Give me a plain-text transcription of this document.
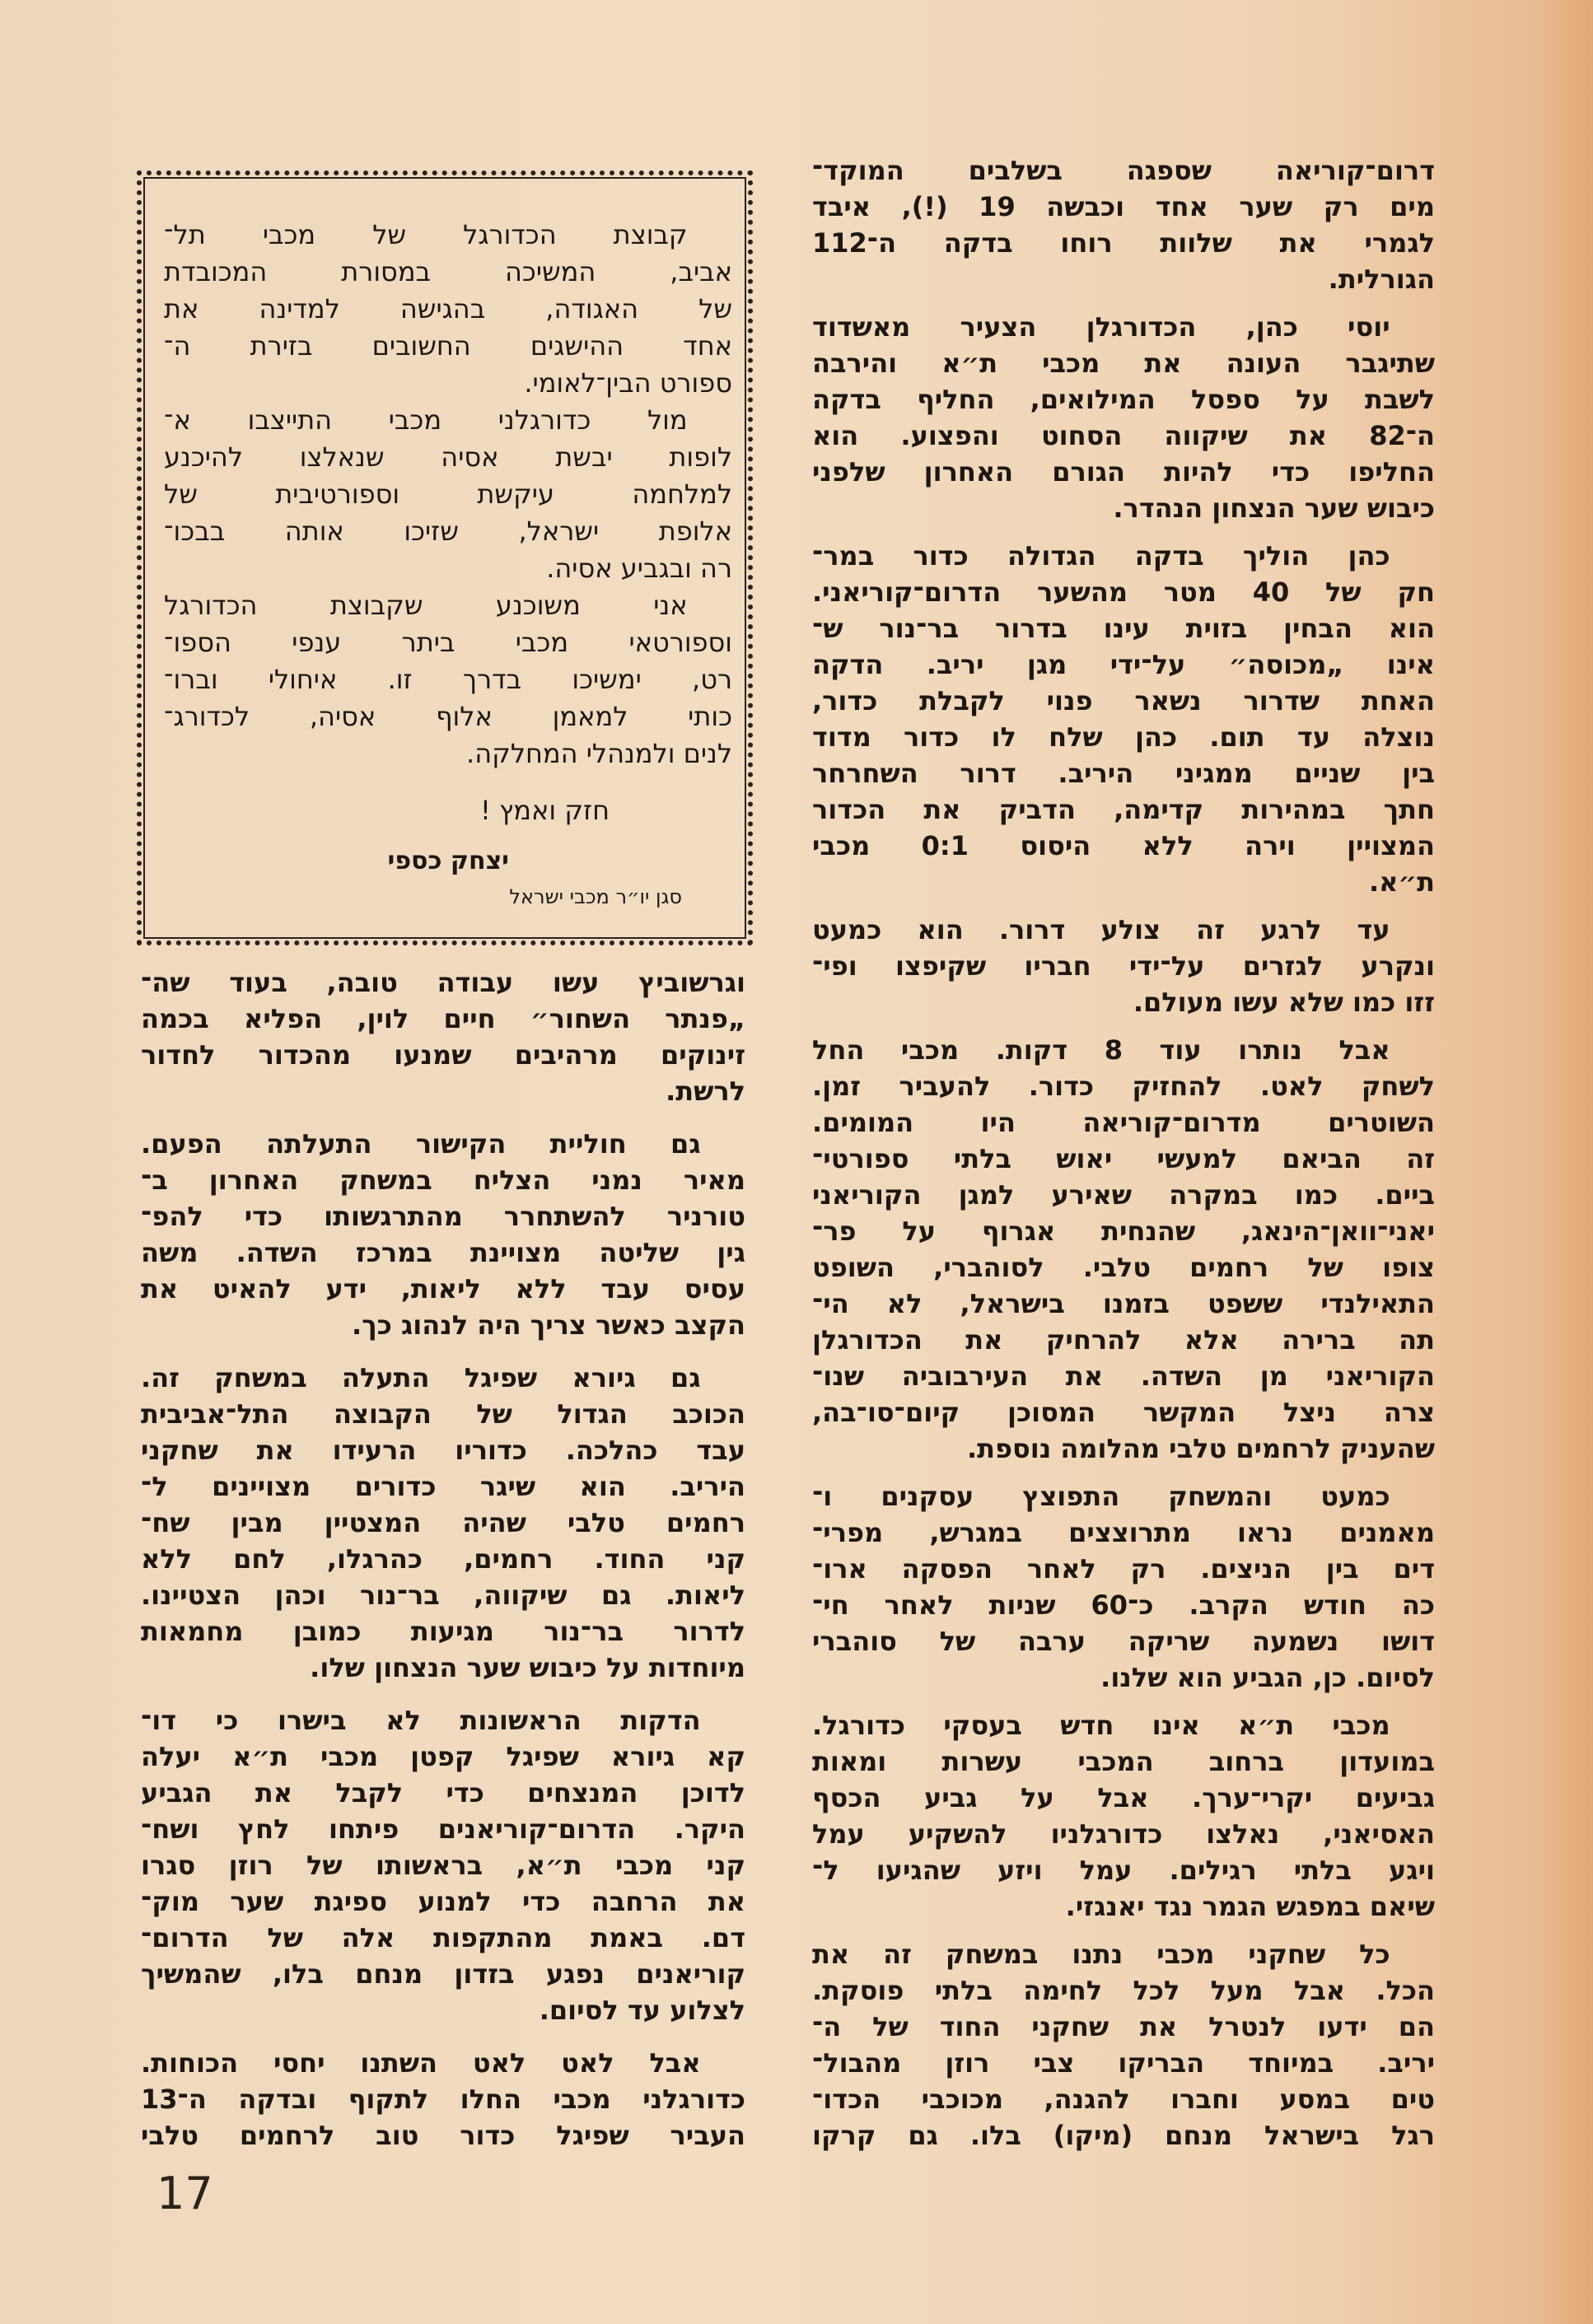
דרום־קוריאה שספגה בשלבים המוקד־
מים רק שער אחד וכבשה 19 (!), איבד
לגמרי את שלוות רוחו בדקה ה־112
הגורלית.
יוסי כהן, הכדורגלן הצעיר מאשדוד
שתיגבר העונה את מכבי ת״א והירבה
לשבת על ספסל המילואים, החליף בדקה
ה־82 את שיקווה הסחוט והפצוע. הוא
החליפו כדי להיות הגורם האחרון שלפני
כיבוש שער הנצחון הנהדר.
כהן הוליך בדקה הגדולה כדור במר־
חק של 40 מטר מהשער הדרום־קוריאני.
הוא הבחין בזוית עינו בדרור בר־נור ש־
אינו „מכוסה״ על־ידי מגן יריב. הדקה
האחת שדרור נשאר פנוי לקבלת כדור,
נוצלה עד תום. כהן שלח לו כדור מדוד
בין שניים ממגיני היריב. דרור השחרחר
חתך במהירות קדימה, הדביק את הכדור
המצויין וירה ללא היסוס 0:1 מכבי
ת״א.
עד לרגע זה צולע דרור. הוא כמעט
ונקרע לגזרים על־ידי חבריו שקיפצו ופי־
זזו כמו שלא עשו מעולם.
אבל נותרו עוד 8 דקות. מכבי החל
לשחק לאט. להחזיק כדור. להעביר זמן.
השוטרים מדרום־קוריאה היו המומים.
זה הביאם למעשי יאוש בלתי ספורטי־
ביים. כמו במקרה שאירע למגן הקוריאני
יאני־וואן־הינאג, שהנחית אגרוף על פר־
צופו של רחמים טלבי. לסוהברי, השופט
התאילנדי ששפט בזמנו בישראל, לא הי־
תה ברירה אלא להרחיק את הכדורגלן
הקוריאני מן השדה. את העירבוביה שנו־
צרה ניצל המקשר המסוכן קיום־סו־בה,
שהעניק לרחמים טלבי מהלומה נוספת.
כמעט והמשחק התפוצץ עסקנים ו־
מאמנים נראו מתרוצצים במגרש, מפרי־
דים בין הניצים. רק לאחר הפסקה ארו־
כה חודש הקרב. כ־60 שניות לאחר חי־
דושו נשמעה שריקה ערבה של סוהברי
לסיום. כן, הגביע הוא שלנו.
מכבי ת״א אינו חדש בעסקי כדורגל.
במועדון ברחוב המכבי עשרות ומאות
גביעים יקרי־ערך. אבל על גביע הכסף
האסיאני, נאלצו כדורגלניו להשקיע עמל
ויגע בלתי רגילים. עמל ויזע שהגיעו ל־
שיאם במפגש הגמר נגד יאנגזי.
כל שחקני מכבי נתנו במשחק זה את
הכל. אבל מעל לכל לחימה בלתי פוסקת.
הם ידעו לנטרל את שחקני החוד של ה־
יריב. במיוחד הבריקו צבי רוזן מהבול־
טים במסע וחברו להגנה, מכוכבי הכדו־
רגל בישראל מנחם (מיקו) בלו. גם קרקו
קבוצת הכדורגל של מכבי תל־
אביב, המשיכה במסורת המכובדת
של האגודה, בהגישה למדינה את
אחד ההישגים החשובים בזירת ה־
ספורט הבין־לאומי.
מול כדורגלני מכבי התייצבו א־
לופות יבשת אסיה שנאלצו להיכנע
למלחמה עיקשת וספורטיבית של
אלופת ישראל, שזיכו אותה בבכו־
רה ובגביע אסיה.
אני משוכנע שקבוצת הכדורגל
וספורטאי מכבי ביתר ענפי הספו־
רט, ימשיכו בדרך זו. איחולי וברו־
כותי למאמן אלוף אסיה, לכדורג־
לנים ולמנהלי המחלקה.
חזק ואמץ !
יצחק כספי
סגן יו״ר מכבי ישראל
וגרשוביץ עשו עבודה טובה, בעוד שה־
„פנתר השחור״ חיים לוין, הפליא בכמה
זינוקים מרהיבים שמנעו מהכדור לחדור
לרשת.
גם חוליית הקישור התעלתה הפעם.
מאיר נמני הצליח במשחק האחרון ב־
טורניר להשתחרר מהתרגשותו כדי להפ־
גין שליטה מצויינת במרכז השדה. משה
עסיס עבד ללא ליאות, ידע להאיט את
הקצב כאשר צריך היה לנהוג כך.
גם גיורא שפיגל התעלה במשחק זה.
הכוכב הגדול של הקבוצה התל־אביבית
עבד כהלכה. כדוריו הרעידו את שחקני
היריב. הוא שיגר כדורים מצויינים ל־
רחמים טלבי שהיה המצטיין מבין שח־
קני החוד. רחמים, כהרגלו, לחם ללא
ליאות. גם שיקווה, בר־נור וכהן הצטיינו.
לדרור בר־נור מגיעות כמובן מחמאות
מיוחדות על כיבוש שער הנצחון שלו.
הדקות הראשונות לא בישרו כי דו־
קא גיורא שפיגל קפטן מכבי ת״א יעלה
לדוכן המנצחים כדי לקבל את הגביע
היקר. הדרום־קוריאנים פיתחו לחץ ושח־
קני מכבי ת״א, בראשותו של רוזן סגרו
את הרחבה כדי למנוע ספיגת שער מוק־
דם. באמת מהתקפות אלה של הדרום־
קוריאנים נפגע בזדון מנחם בלו, שהמשיך
לצלוע עד לסיום.
אבל לאט לאט השתנו יחסי הכוחות.
כדורגלני מכבי החלו לתקוף ובדקה ה־13
העביר שפיגל כדור טוב לרחמים טלבי
17
